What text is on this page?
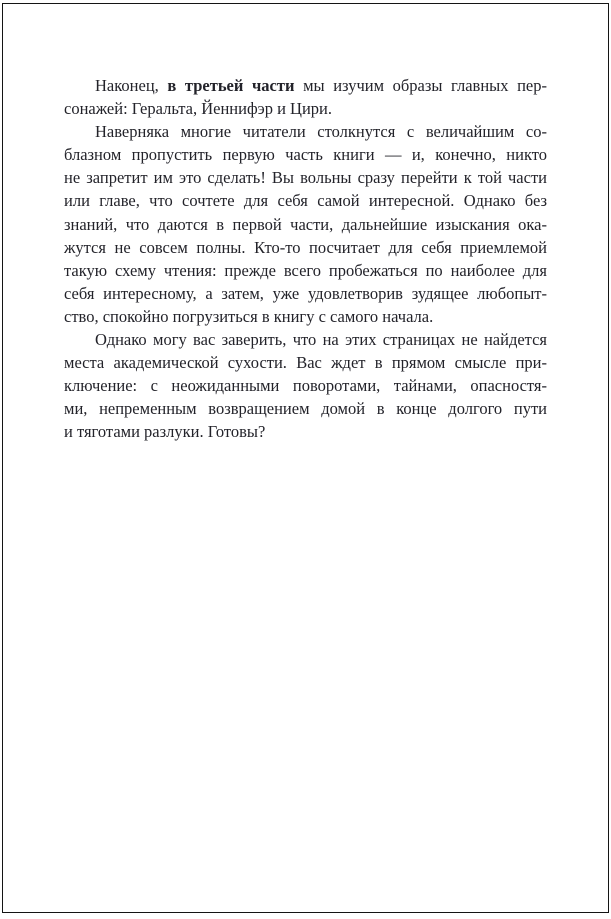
Наконец, в третьей части мы изучим образы главных пер-
сонажей: Геральта, Йеннифэр и Цири.
Наверняка многие читатели столкнутся с величайшим со-
блазном пропустить первую часть книги — и, конечно, никто
не запретит им это сделать! Вы вольны сразу перейти к той части
или главе, что сочтете для себя самой интересной. Однако без
знаний, что даются в первой части, дальнейшие изыскания ока-
жутся не совсем полны. Кто-то посчитает для себя приемлемой
такую схему чтения: прежде всего пробежаться по наиболее для
себя интересному, а затем, уже удовлетворив зудящее любопыт-
ство, спокойно погрузиться в книгу с самого начала.
Однако могу вас заверить, что на этих страницах не найдется
места академической сухости. Вас ждет в прямом смысле при-
ключение: с неожиданными поворотами, тайнами, опасностя-
ми, непременным возвращением домой в конце долгого пути
и тяготами разлуки. Готовы?
